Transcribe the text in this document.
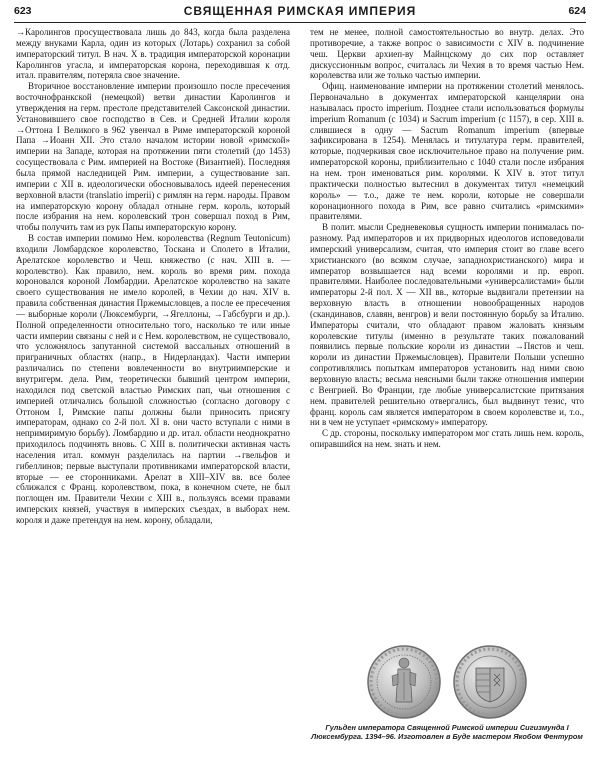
623	СВЯЩЕННАЯ РИМСКАЯ ИМПЕРИЯ	624

→Каролингов просуществовала лишь до 843, когда была разделена между внуками Карла, один из которых (Лотарь) сохранил за собой императорский титул. В нач. X в. традиция императорской коронации Каролингов угасла, и императорская корона, переходившая к отд. итал. правителям, потеряла свое значение.

Вторичное восстановление империи произошло после пресечения восточнофранкской (немецкой) ветви династии Каролингов и утверждения на герм. престоле представителей Саксонской династии. Установившего свое господство в Сев. и Средней Италии короля →Оттона I Великого в 962 увенчал в Риме императорской короной Папа →Иоанн XII. Это стало началом истории новой «римской» империи на Западе, которая на протяжении пяти столетий (до 1453) сосуществовала с Рим. империей на Востоке (Византией). Последняя была прямой наследницей Рим. империи, а существование зап. империи с XII в. идеологически обосновывалось идеей перенесения верховной власти (translatio imperii) с римлян на герм. народы. Правом на императорскую корону обладал отныне герм. король, который после избрания на нем. королевский трон совершал поход в Рим, чтобы получить там из рук Папы императорскую корону.

В состав империи помимо Нем. королевства (Regnum Teutonicum) входили Ломбардское королевство, Тоскана и Сполето в Италии, Арелатское королевство и Чеш. княжество (с нач. XIII в. — королевство). Как правило, нем. король во время рим. похода короновался короной Ломбардии. Арелатское королевство на закате своего существования не имело королей, в Чехии до нач. XIV в. правила собственная династия Пржемысловцев, а после ее пресечения — выборные короли (Люксембурги, →Ягеллоны, →Габсбурги и др.). Полной определенности относительно того, насколько те или иные части империи связаны с ней и с Нем. королевством, не существовало, что усложнялось запутанной системой вассальных отношений в приграничных областях (напр., в Нидерландах). Части империи различались по степени вовлеченности во внутриимперские и внутригерм. дела. Рим, теоретически бывший центром империи, находился под светской властью Римских пап, чьи отношения с империей отличались большой сложностью (согласно договору с Оттоном I, Римские папы должны были приносить присягу императорам, однако со 2-й пол. XI в. они часто вступали с ними в непримиримую борьбу). Ломбардию и др. итал. области неоднократно приходилось подчинять вновь. С XIII в. политически активная часть населения итал. коммун разделилась на партии →гвельфов и гибеллинов; первые выступали противниками императорской власти, вторые — ее сторонниками. Арелат в XIII–XIV вв. все более сближался с Франц. королевством, пока, в конечном счете, не был поглощен им. Правители Чехии с XIII в., пользуясь всеми правами имперских князей, участвуя в имперских съездах, в выборах нем. короля и даже претендуя на нем. корону, обладали,

тем не менее, полной самостоятельностью во внутр. делах. Это противоречие, а также вопрос о зависимости с XIV в. подчинение чеш. Церкви архиеп-ву Майнцскому до сих пор оставляет дискуссионным вопрос, считалась ли Чехия в то время частью Нем. королевства или же только частью империи.

Офиц. наименование империи на протяжении столетий менялось. Первоначально в документах императорской канцелярии она называлась просто imperium. Позднее стали использоваться формулы imperium Romanum (с 1034) и Sacrum imperium (с 1157), в сер. XIII в. слившиеся в одну — Sacrum Romanum imperium (впервые зафиксирована в 1254). Менялась и титулатура герм. правителей, которые, подчеркивая свое исключительное право на получение рим. императорской короны, приблизительно с 1040 стали после избрания на нем. трон именоваться рим. королями. К XIV в. этот титул практически полностью вытеснил в документах титул «немецкий король» — т.о., даже те нем. короли, которые не совершали коронационного похода в Рим, все равно считались «римскими» правителями.

В полит. мысли Средневековья сущность империи понималась по-разному. Рад императоров и их придворных идеологов исповедовали имперский универсализм, считая, что империя стоит во главе всего христианского (во всяком случае, западнохристианского) мира и император возвышается над всеми королями и пр. европ. правителями. Наиболее последовательными «универсалистами» были императоры 2-й пол. X — XII вв., которые выдвигали претензии на верховную власть в отношении новообращенных народов (скандинавов, славян, венгров) и вели постоянную борьбу за Италию. Императоры считали, что обладают правом жаловать князьям королевские титулы (именно в результате таких пожалований появились первые польские короли из династии →Пястов и чеш. короли из династии Пржемысловцев). Правители Польши успешно сопротивлялись попыткам императоров установить над ними свою верховную власть; весьма неясными были также отношения империи с Венгрией. Во Франции, где любые универсалистские притязания нем. правителей решительно отвергались, был выдвинут тезис, что франц. король сам является императором в своем королевстве и, т.о., ни в чем не уступает «римскому» императору.

С др. стороны, поскольку императором мог стать лишь нем. король, опиравшийся на нем. знать и нем.

Гульден императора Священной Римской империи Сигизмунда I Люксембурга. 1394–96. Изготовлен в Буде мастером Якобом Фентуром
